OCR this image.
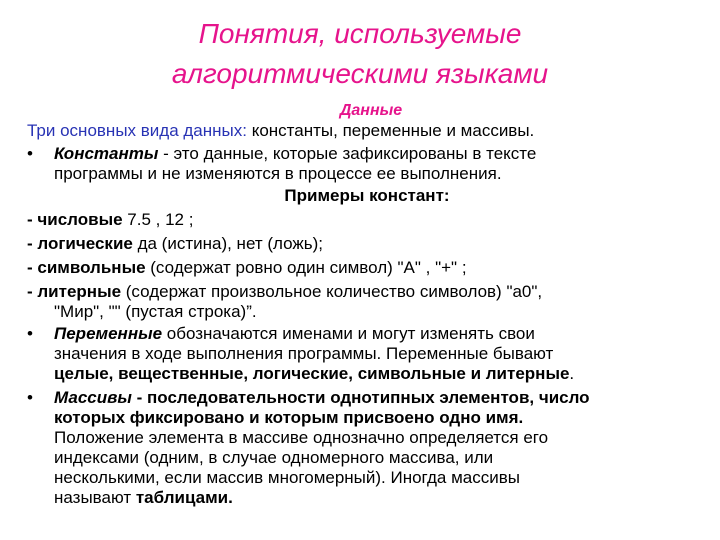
Понятия, используемые
алгоритмическими языками
Данные

Три основных вида данных: константы, переменные и массивы.

•	Константы - это данные, которые зафиксированы в тексте
программы и не изменяются в процессе ее выполнения.
Примеры констант:
- числовые 7.5 , 12 ;
- логические да (истина), нет (ложь);
- символьные (содержат ровно один символ) "А" , "+" ;
- литерные (содержат произвольное количество символов) "а0",
"Мир", "" (пустая строка)”.
•	Переменные обозначаются именами и могут изменять свои
значения в ходе выполнения программы. Переменные бывают
целые, вещественные, логические, символьные и литерные.
•	Массивы - последовательности однотипных элементов, число
которых фиксировано и которым присвоено одно имя.
Положение элемента в массиве однозначно определяется его
индексами (одним, в случае одномерного массива, или
несколькими, если массив многомерный). Иногда массивы
называют таблицами.
